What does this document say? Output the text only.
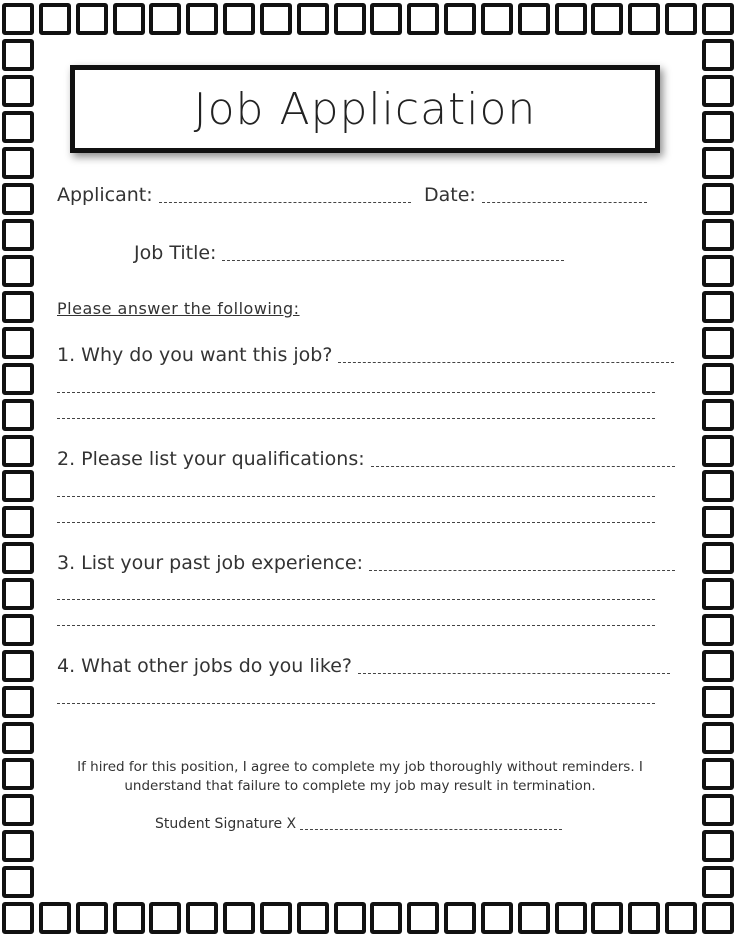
Job Application
Applicant:	Date:
Job Title:
Please answer the following:
1. Why do you want this job?
2. Please list your qualifications:
3. List your past job experience:
4. What other jobs do you like?
If hired for this position, I agree to complete my job thoroughly without reminders. I understand that failure to complete my job may result in termination.
Student Signature X
